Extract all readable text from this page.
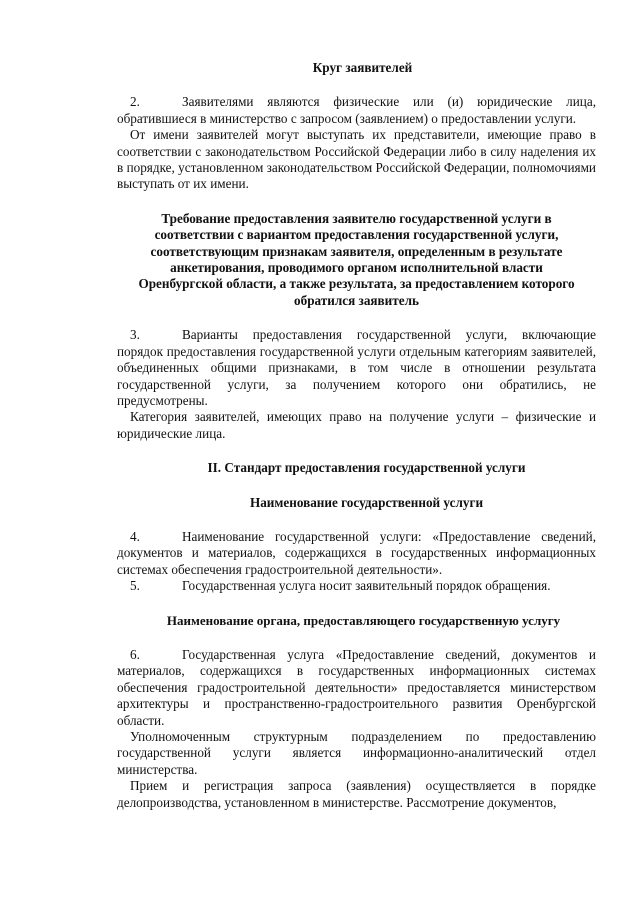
Круг заявителей

2.	Заявителями являются физические или (и) юридические лица, обратившиеся в министерство с запросом (заявлением) о предоставлении услуги.

От имени заявителей могут выступать их представители, имеющие право в соответствии с законодательством Российской Федерации либо в силу наделения их в порядке, установленном законодательством Российской Федерации, полномочиями выступать от их имени.

Требование предоставления заявителю государственной услуги в соответствии с вариантом предоставления государственной услуги, соответствующим признакам заявителя, определенным в результате анкетирования, проводимого органом исполнительной власти Оренбургской области, а также результата, за предоставлением которого обратился заявитель

3.	Варианты предоставления государственной услуги, включающие порядок предоставления государственной услуги отдельным категориям заявителей, объединенных общими признаками, в том числе в отношении результата государственной услуги, за получением которого они обратились, не предусмотрены.

Категория заявителей, имеющих право на получение услуги – физические и юридические лица.

II. Стандарт предоставления государственной услуги

Наименование государственной услуги

4.	Наименование государственной услуги: «Предоставление сведений, документов и материалов, содержащихся в государственных информационных системах обеспечения градостроительной деятельности».

5.	Государственная услуга носит заявительный порядок обращения.

Наименование органа, предоставляющего государственную услугу

6.	Государственная услуга «Предоставление сведений, документов и материалов, содержащихся в государственных информационных системах обеспечения градостроительной деятельности» предоставляется министерством архитектуры и пространственно-градостроительного развития Оренбургской области.

Уполномоченным структурным подразделением по предоставлению государственной услуги является информационно-аналитический отдел министерства.

Прием и регистрация запроса (заявления) осуществляется в порядке делопроизводства, установленном в министерстве. Рассмотрение документов,
